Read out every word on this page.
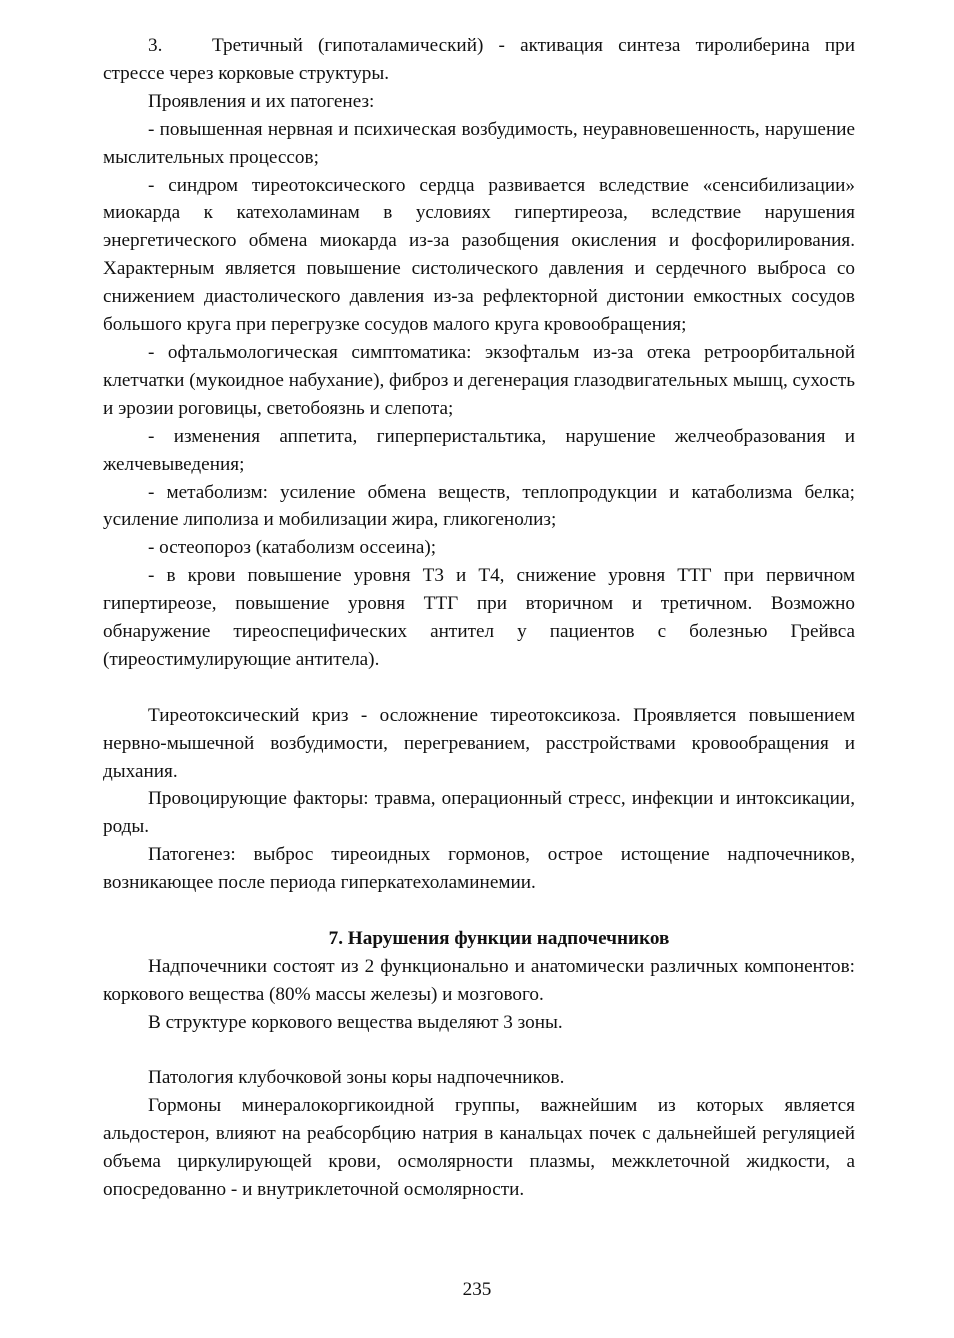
3.	Третичный (гипоталамический) - активация синтеза тиролиберина при стрессе через корковые структуры.

Проявления и их патогенез:

- повышенная нервная и психическая возбудимость, неуравновешенность, нарушение мыслительных процессов;

- синдром тиреотоксического сердца развивается вследствие «сенсибилизации» миокарда к катехоламинам в условиях гипертиреоза, вследствие нарушения энергетического обмена миокарда из-за разобщения окисления и фосфорилирования. Характерным является повышение систолического давления и сердечного выброса со снижением диастолического давления из-за рефлекторной дистонии емкостных сосудов большого круга при перегрузке сосудов малого круга кровообращения;

- офтальмологическая симптоматика: экзофтальм из-за отека ретроорбитальной клетчатки (мукоидное набухание), фиброз и дегенерация глазодвигательных мышц, сухость и эрозии роговицы, светобоязнь и слепота;

- изменения аппетита, гиперперистальтика, нарушение желчеобразования и желчевыведения;

- метаболизм: усиление обмена веществ, теплопродукции и катаболизма белка; усиление липолиза и мобилизации жира, гликогенолиз;

- остеопороз (катаболизм оссеина);

- в крови повышение уровня Т3 и Т4, снижение уровня ТТГ при первичном гипертиреозе, повышение уровня ТТГ при вторичном и третичном. Возможно обнаружение тиреоспецифических антител у пациентов с болезнью Грейвса (тиреостимулирующие антитела).

Тиреотоксический криз - осложнение тиреотоксикоза. Проявляется повышением нервно-мышечной возбудимости, перегреванием, расстройствами кровообращения и дыхания.

Провоцирующие факторы: травма, операционный стресс, инфекции и интоксикации, роды.

Патогенез: выброс тиреоидных гормонов, острое истощение надпочечников, возникающее после периода гиперкатехоламинемии.

7. Нарушения функции надпочечников

Надпочечники состоят из 2 функционально и анатомически различных компонентов: коркового вещества (80% массы железы) и мозгового.

В структуре коркового вещества выделяют 3 зоны.

Патология клубочковой зоны коры надпочечников.

Гормоны минералокоргикоидной группы, важнейшим из которых является альдостерон, влияют на реабсорбцию натрия в канальцах почек с дальнейшей регуляцией объема циркулирующей крови, осмолярности плазмы, межклеточной жидкости, а опосредованно - и внутриклеточной осмолярности.

235
